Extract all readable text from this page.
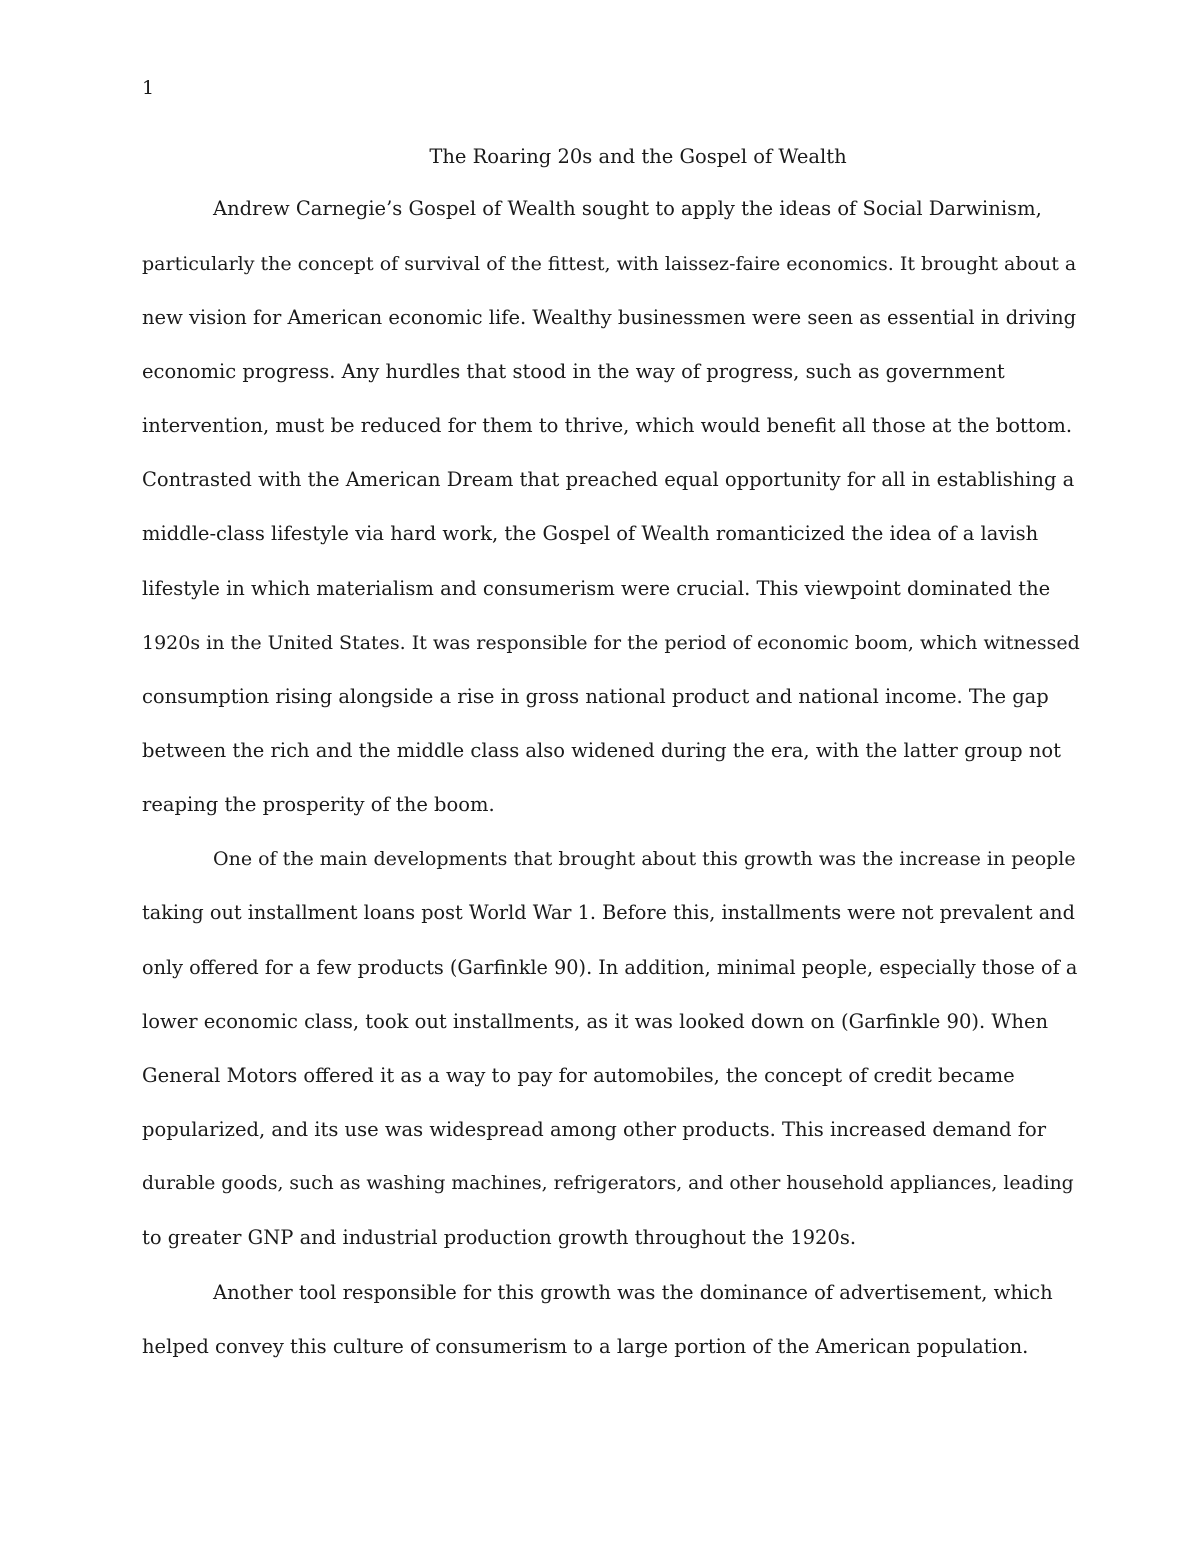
1
The Roaring 20s and the Gospel of Wealth
Andrew Carnegie’s Gospel of Wealth sought to apply the ideas of Social Darwinism,
particularly the concept of survival of the fittest, with laissez-faire economics. It brought about a
new vision for American economic life. Wealthy businessmen were seen as essential in driving
economic progress. Any hurdles that stood in the way of progress, such as government
intervention, must be reduced for them to thrive, which would benefit all those at the bottom.
Contrasted with the American Dream that preached equal opportunity for all in establishing a
middle-class lifestyle via hard work, the Gospel of Wealth romanticized the idea of a lavish
lifestyle in which materialism and consumerism were crucial. This viewpoint dominated the
1920s in the United States. It was responsible for the period of economic boom, which witnessed
consumption rising alongside a rise in gross national product and national income. The gap
between the rich and the middle class also widened during the era, with the latter group not
reaping the prosperity of the boom.
One of the main developments that brought about this growth was the increase in people
taking out installment loans post World War 1. Before this, installments were not prevalent and
only offered for a few products (Garfinkle 90). In addition, minimal people, especially those of a
lower economic class, took out installments, as it was looked down on (Garfinkle 90). When
General Motors offered it as a way to pay for automobiles, the concept of credit became
popularized, and its use was widespread among other products. This increased demand for
durable goods, such as washing machines, refrigerators, and other household appliances, leading
to greater GNP and industrial production growth throughout the 1920s.
Another tool responsible for this growth was the dominance of advertisement, which
helped convey this culture of consumerism to a large portion of the American population.
